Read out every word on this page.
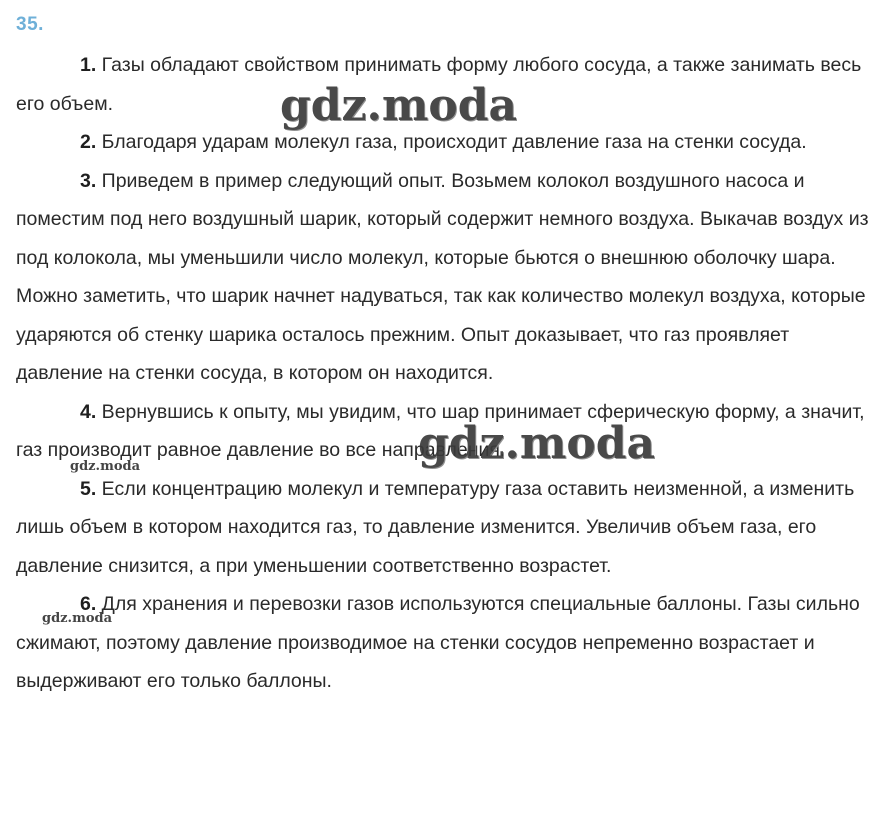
35.

1. Газы обладают свойством принимать форму любого сосуда, а также занимать весь его объем.

2. Благодаря ударам молекул газа, происходит давление газа на стенки сосуда.

3. Приведем в пример следующий опыт. Возьмем колокол воздушного насоса и поместим под него воздушный шарик, который содержит немного воздуха. Выкачав воздух из под колокола, мы уменьшили число молекул, которые бьются о внешнюю оболочку шара. Можно заметить, что шарик начнет надуваться, так как количество молекул воздуха, которые ударяются об стенку шарика осталось прежним. Опыт доказывает, что газ проявляет давление на стенки сосуда, в котором он находится.

4. Вернувшись к опыту, мы увидим, что шар принимает сферическую форму, а значит, газ производит равное давление во все направления.

5. Если концентрацию молекул и температуру газа оставить неизменной, а изменить лишь объем в котором находится газ, то давление изменится. Увеличив объем газа, его давление снизится, а при уменьшении соответственно возрастет.

6. Для хранения и перевозки газов используются специальные баллоны. Газы сильно сжимают, поэтому давление производимое на стенки сосудов непременно возрастает и выдерживают его только баллоны.

gdz.moda
gdz.moda
gdz.moda
gdz.moda
